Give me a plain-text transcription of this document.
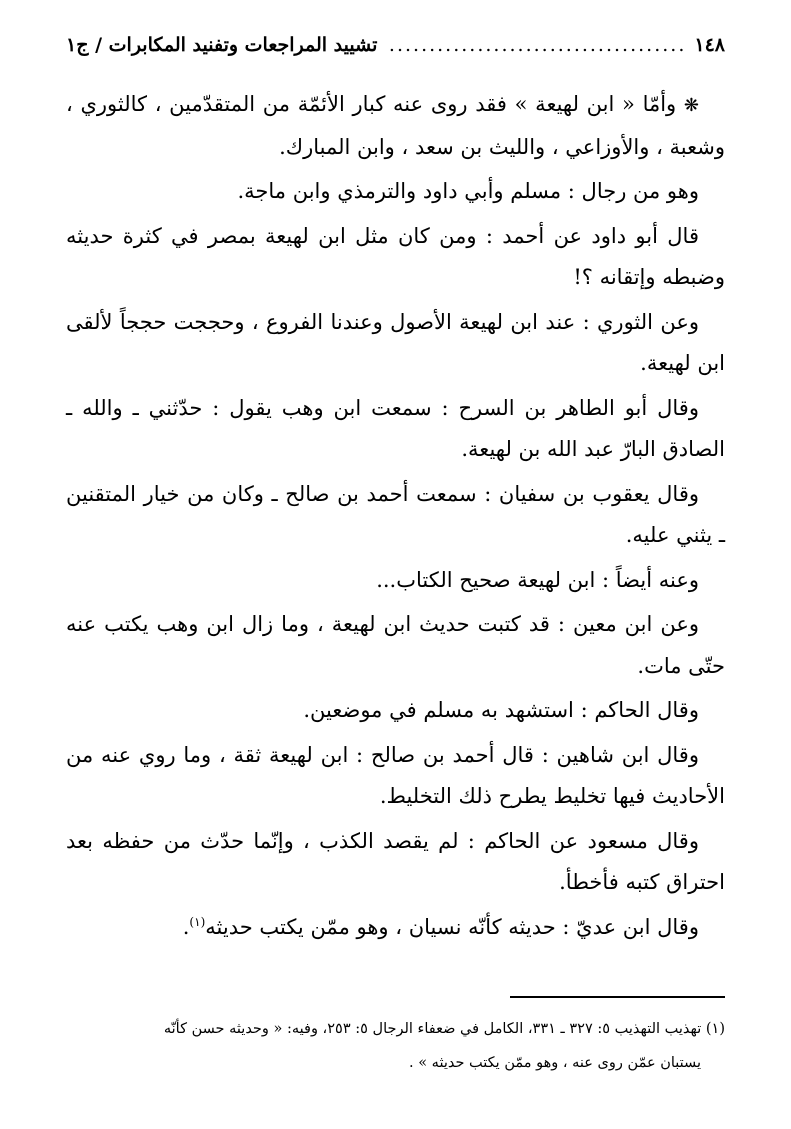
١٤٨
.....................................
تشييد المراجعات وتفنيد المكابرات / ج١

❋ وأمّا « ابن لهيعة » فقد روى عنه كبار الأئمّة من المتقدّمين ، كالثوري ، وشعبة ، والأوزاعي ، والليث بن سعد ، وابن المبارك.

وهو من رجال : مسلم وأبي داود والترمذي وابن ماجة.

قال أبو داود عن أحمد : ومن كان مثل ابن لهيعة بمصر في كثرة حديثه وضبطه وإتقانه ؟!

وعن الثوري : عند ابن لهيعة الأصول وعندنا الفروع ، وحججت حججاً لألقى ابن لهيعة.

وقال أبو الطاهر بن السرح : سمعت ابن وهب يقول : حدّثني ـ والله ـ الصادق البارّ عبد الله بن لهيعة.

وقال يعقوب بن سفيان : سمعت أحمد بن صالح ـ وكان من خيار المتقنين ـ يثني عليه.

وعنه أيضاً : ابن لهيعة صحيح الكتاب...

وعن ابن معين : قد كتبت حديث ابن لهيعة ، وما زال ابن وهب يكتب عنه حتّى مات.

وقال الحاكم : استشهد به مسلم في موضعين.

وقال ابن شاهين : قال أحمد بن صالح : ابن لهيعة ثقة ، وما روي عنه من الأحاديث فيها تخليط يطرح ذلك التخليط.

وقال مسعود عن الحاكم : لم يقصد الكذب ، وإنّما حدّث من حفظه بعد احتراق كتبه فأخطأ.

وقال ابن عديّ : حديثه كأنّه نسيان ، وهو ممّن يكتب حديثه$^{(١)}$.

(١) تهذيب التهذيب ٥: ٣٢٧ ـ ٣٣١، الكامل في ضعفاء الرجال ٥: ٢٥٣، وفيه: « وحديثه حسن كأنّه

يستبان عمّن روى عنه ، وهو ممّن يكتب حديثه » .
